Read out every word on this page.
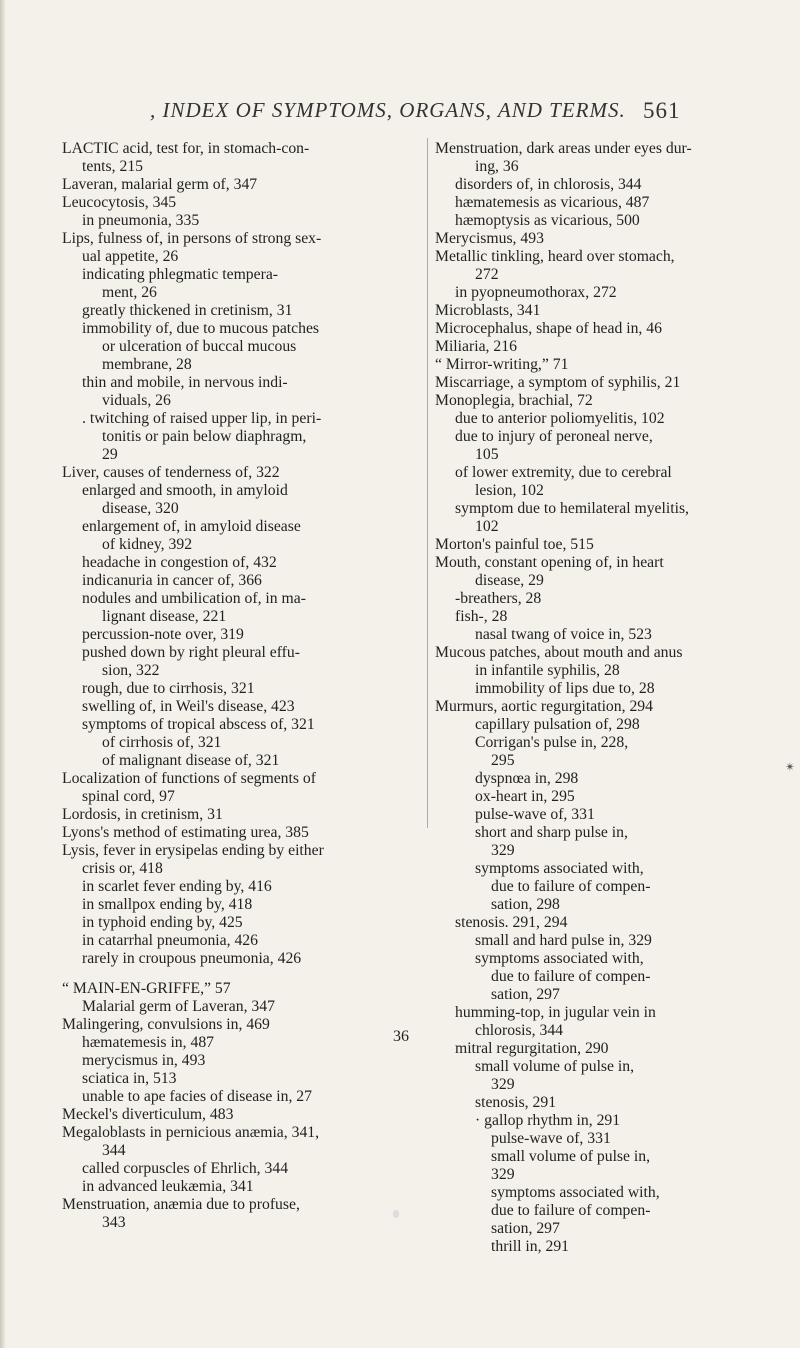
, INDEX OF SYMPTOMS, ORGANS, AND TERMS. 561
LACTIC acid, test for, in stomach-con-
tents, 215
Laveran, malarial germ of, 347
Leucocytosis, 345
in pneumonia, 335
Lips, fulness of, in persons of strong sex-
ual appetite, 26
indicating phlegmatic tempera-
ment, 26
greatly thickened in cretinism, 31
immobility of, due to mucous patches
or ulceration of buccal mucous
membrane, 28
thin and mobile, in nervous indi-
viduals, 26
. twitching of raised upper lip, in peri-
tonitis or pain below diaphragm,
29
Liver, causes of tenderness of, 322
enlarged and smooth, in amyloid
disease, 320
enlargement of, in amyloid disease
of kidney, 392
headache in congestion of, 432
indicanuria in cancer of, 366
nodules and umbilication of, in ma-
lignant disease, 221
percussion-note over, 319
pushed down by right pleural effu-
sion, 322
rough, due to cirrhosis, 321
swelling of, in Weil's disease, 423
symptoms of tropical abscess of, 321
of cirrhosis of, 321
of malignant disease of, 321
Localization of functions of segments of
spinal cord, 97
Lordosis, in cretinism, 31
Lyons's method of estimating urea, 385
Lysis, fever in erysipelas ending by either
crisis or, 418
in scarlet fever ending by, 416
in smallpox ending by, 418
in typhoid ending by, 425
in catarrhal pneumonia, 426
rarely in croupous pneumonia, 426
“ MAIN-EN-GRIFFE,” 57
Malarial germ of Laveran, 347
Malingering, convulsions in, 469
hæmatemesis in, 487
merycismus in, 493
sciatica in, 513
unable to ape facies of disease in, 27
Meckel's diverticulum, 483
Megaloblasts in pernicious anæmia, 341,
344
called corpuscles of Ehrlich, 344
in advanced leukæmia, 341
Menstruation, anæmia due to profuse,
343
Menstruation, dark areas under eyes dur-
ing, 36
disorders of, in chlorosis, 344
hæmatemesis as vicarious, 487
hæmoptysis as vicarious, 500
Merycismus, 493
Metallic tinkling, heard over stomach,
272
in pyopneumothorax, 272
Microblasts, 341
Microcephalus, shape of head in, 46
Miliaria, 216
“ Mirror-writing,” 71
Miscarriage, a symptom of syphilis, 21
Monoplegia, brachial, 72
due to anterior poliomyelitis, 102
due to injury of peroneal nerve,
105
of lower extremity, due to cerebral
lesion, 102
symptom due to hemilateral myelitis,
102
Morton's painful toe, 515
Mouth, constant opening of, in heart
disease, 29
-breathers, 28
fish-, 28
nasal twang of voice in, 523
Mucous patches, about mouth and anus
in infantile syphilis, 28
immobility of lips due to, 28
Murmurs, aortic regurgitation, 294
capillary pulsation of, 298
Corrigan's pulse in, 228,
295
dyspnœa in, 298
ox-heart in, 295
pulse-wave of, 331
short and sharp pulse in,
329
symptoms associated with,
due to failure of compen-
sation, 298
stenosis. 291, 294
small and hard pulse in, 329
symptoms associated with,
due to failure of compen-
sation, 297
humming-top, in jugular vein in
chlorosis, 344
mitral regurgitation, 290
small volume of pulse in,
329
stenosis, 291
· gallop rhythm in, 291
pulse-wave of, 331
small volume of pulse in,
329
symptoms associated with,
due to failure of compen-
sation, 297
thrill in, 291
36
✴
